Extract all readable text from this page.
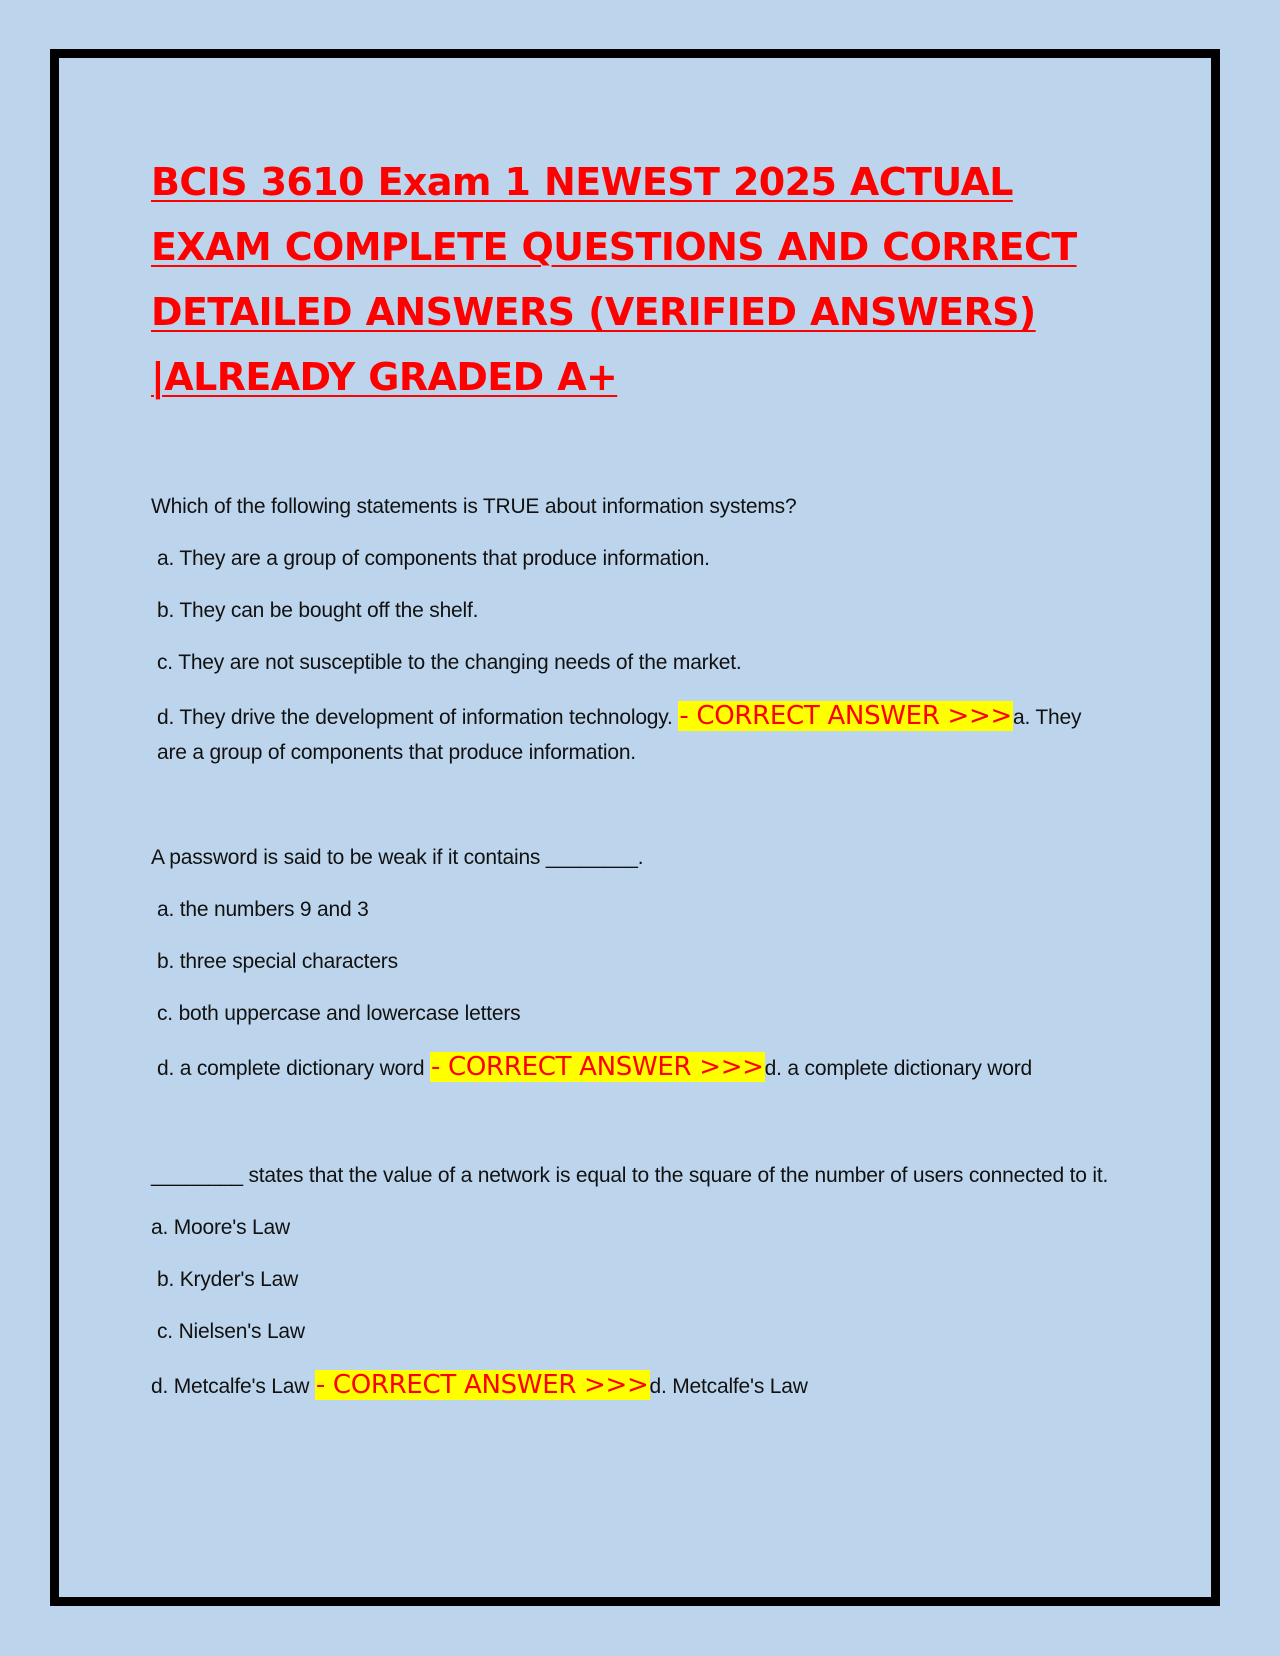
BCIS 3610 Exam 1 NEWEST 2025 ACTUAL EXAM COMPLETE QUESTIONS AND CORRECT DETAILED ANSWERS (VERIFIED ANSWERS) |ALREADY GRADED A+

Which of the following statements is TRUE about information systems?

a. They are a group of components that produce information.

b. They can be bought off the shelf.

c. They are not susceptible to the changing needs of the market.

d. They drive the development of information technology. - CORRECT ANSWER >>>a. They are a group of components that produce information.

A password is said to be weak if it contains ________.

a. the numbers 9 and 3

b. three special characters

c. both uppercase and lowercase letters

d. a complete dictionary word - CORRECT ANSWER >>>d. a complete dictionary word

________ states that the value of a network is equal to the square of the number of users connected to it.

a. Moore's Law

b. Kryder's Law

c. Nielsen's Law

d. Metcalfe's Law - CORRECT ANSWER >>>d. Metcalfe's Law
